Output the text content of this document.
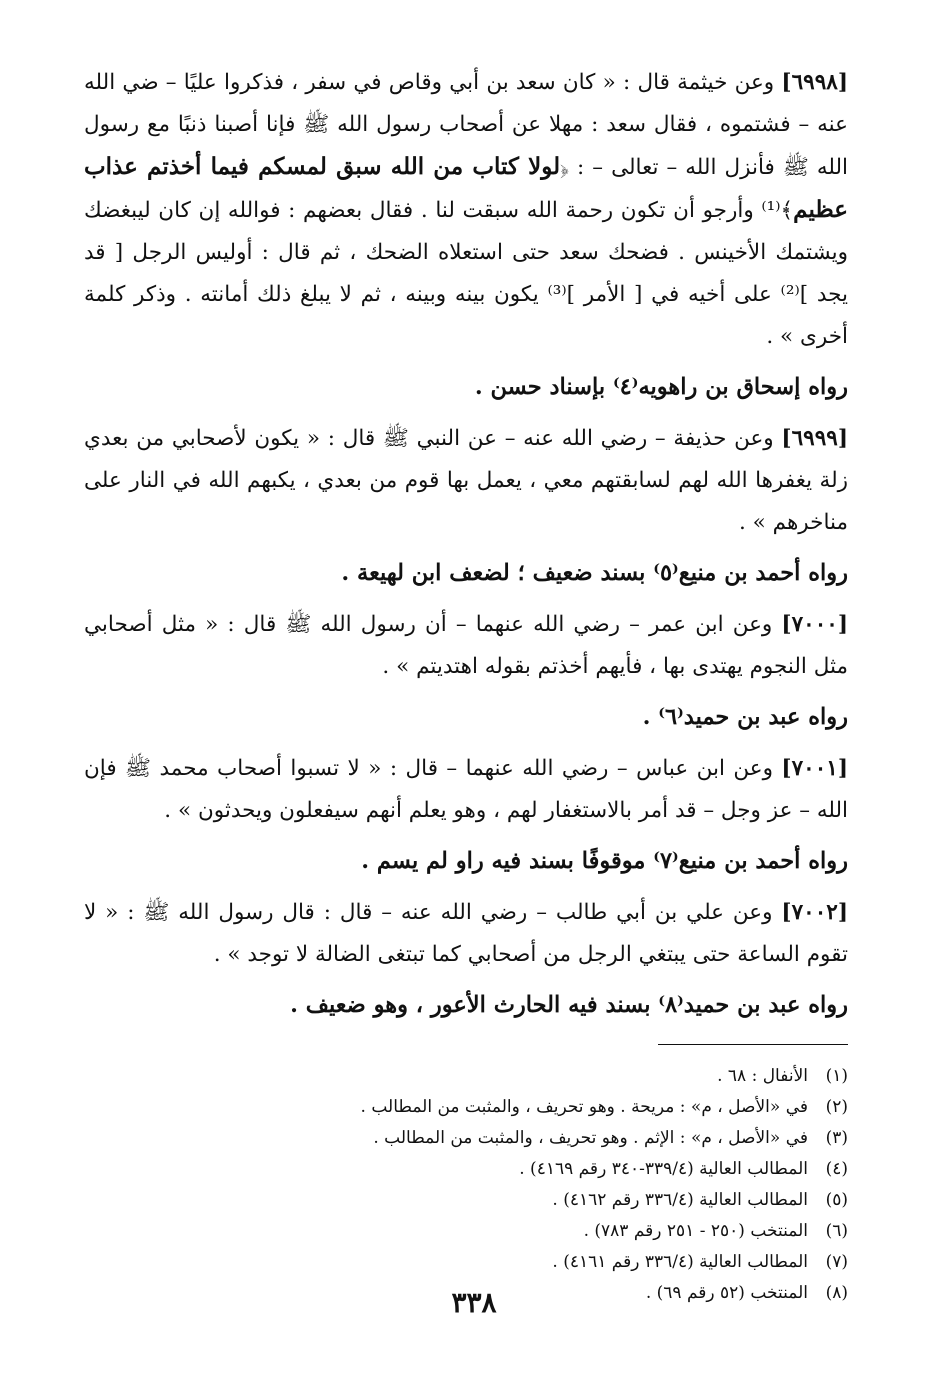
[٦٩٩٨] وعن خيثمة قال : « كان سعد بن أبي وقاص في سفر ، فذكروا عليًا – ضي الله عنه – فشتموه ، فقال سعد : مهلا عن أصحاب رسول الله ﷺ فإنا أصبنا ذنبًا مع رسول الله ﷺ فأنزل الله – تعالى – : ﴿لولا كتاب من الله سبق لمسكم فيما أخذتم عذاب عظيم﴾⁽¹⁾ وأرجو أن تكون رحمة الله سبقت لنا . فقال بعضهم : فوالله إن كان ليبغضك ويشتمك الأخينس . فضحك سعد حتى استعلاه الضحك ، ثم قال : أوليس الرجل [ قد يجد ]⁽²⁾ على أخيه في [ الأمر ]⁽³⁾ يكون بينه وبينه ، ثم لا يبلغ ذلك أمانته . وذكر كلمة أخرى » .

رواه إسحاق بن راهويه⁽٤⁾ بإسناد حسن .

[٦٩٩٩] وعن حذيفة – رضي الله عنه – عن النبي ﷺ قال : « يكون لأصحابي من بعدي زلة يغفرها الله لهم لسابقتهم معي ، يعمل بها قوم من بعدي ، يكبهم الله في النار على مناخرهم » .

رواه أحمد بن منيع⁽٥⁾ بسند ضعيف ؛ لضعف ابن لهيعة .

[٧٠٠٠] وعن ابن عمر – رضي الله عنهما – أن رسول الله ﷺ قال : « مثل أصحابي مثل النجوم يهتدى بها ، فأيهم أخذتم بقوله اهتديتم » .

رواه عبد بن حميد⁽٦⁾ .

[٧٠٠١] وعن ابن عباس – رضي الله عنهما – قال : « لا تسبوا أصحاب محمد ﷺ فإن الله – عز وجل – قد أمر بالاستغفار لهم ، وهو يعلم أنهم سيفعلون ويحدثون » .

رواه أحمد بن منيع⁽٧⁾ موقوفًا بسند فيه راو لم يسم .

[٧٠٠٢] وعن علي بن أبي طالب – رضي الله عنه – قال : قال رسول الله ﷺ : « لا تقوم الساعة حتى يبتغي الرجل من أصحابي كما تبتغى الضالة لا توجد » .

رواه عبد بن حميد⁽٨⁾ بسند فيه الحارث الأعور ، وهو ضعيف .
(١)
الأنفال : ٦٨ .
(٢)
في «الأصل ، م» : مريحة . وهو تحريف ، والمثبت من المطالب .
(٣)
في «الأصل ، م» : الإثم . وهو تحريف ، والمثبت من المطالب .
(٤)
المطالب العالية (٣٣٩/٤-٣٤٠ رقم ٤١٦٩) .
(٥)
المطالب العالية (٣٣٦/٤ رقم ٤١٦٢) .
(٦)
المنتخب (٢٥٠ - ٢٥١ رقم ٧٨٣) .
(٧)
المطالب العالية (٣٣٦/٤ رقم ٤١٦١) .
(٨)
المنتخب (٥٢ رقم ٦٩) .
٣٣٨
